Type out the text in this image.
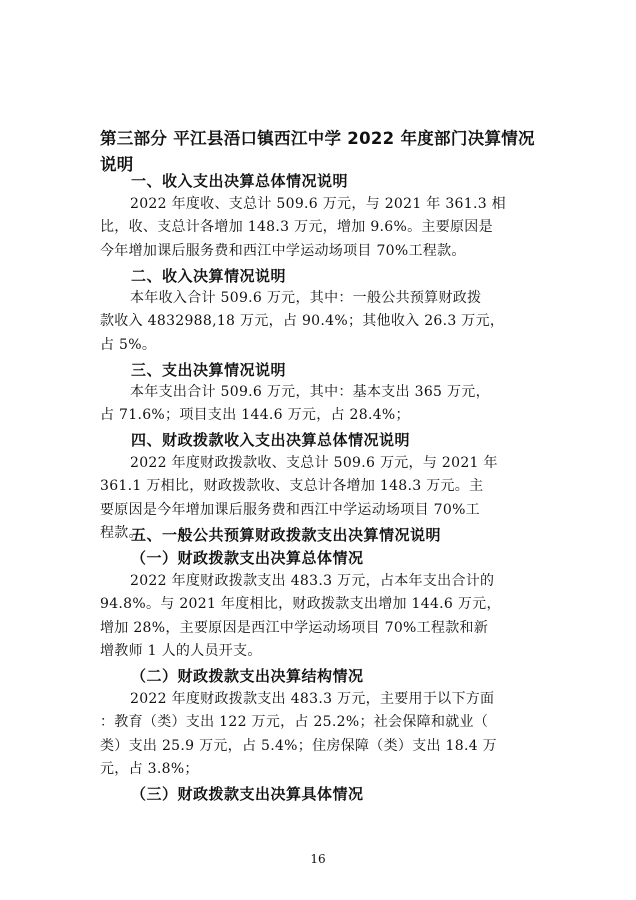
第三部分 平江县浯口镇西江中学 2022 年度部门决算情况说明
一、收入支出决算总体情况说明

2022 年度收、支总计 509.6 万元，与 2021 年 361.3 相
比，收、支总计各增加 148.3 万元，增加 9.6%。主要原因是
今年增加课后服务费和西江中学运动场项目 70%工程款。

二、收入决算情况说明

本年收入合计 509.6 万元，其中：一般公共预算财政拨
款收入 4832988,18 万元，占 90.4%；其他收入 26.3 万元，
占 5%。

三、支出决算情况说明

本年支出合计 509.6 万元，其中：基本支出 365 万元，
占 71.6%；项目支出 144.6 万元，占 28.4%；

四、财政拨款收入支出决算总体情况说明

2022 年度财政拨款收、支总计 509.6 万元，与 2021 年
361.1 万相比，财政拨款收、支总计各增加 148.3 万元。主
要原因是今年增加课后服务费和西江中学运动场项目 70%工
程款。

五、一般公共预算财政拨款支出决算情况说明
（一）财政拨款支出决算总体情况

2022 年度财政拨款支出 483.3 万元，占本年支出合计的
94.8%。与 2021 年度相比，财政拨款支出增加 144.6 万元，
增加 28%，主要原因是西江中学运动场项目 70%工程款和新
增教师 1 人的人员开支。

（二）财政拨款支出决算结构情况

2022 年度财政拨款支出 483.3 万元，主要用于以下方面
：教育（类）支出 122 万元，占 25.2%；社会保障和就业（
类）支出 25.9 万元，占 5.4%；住房保障（类）支出 18.4 万
元，占 3.8%；

（三）财政拨款支出决算具体情况
16
